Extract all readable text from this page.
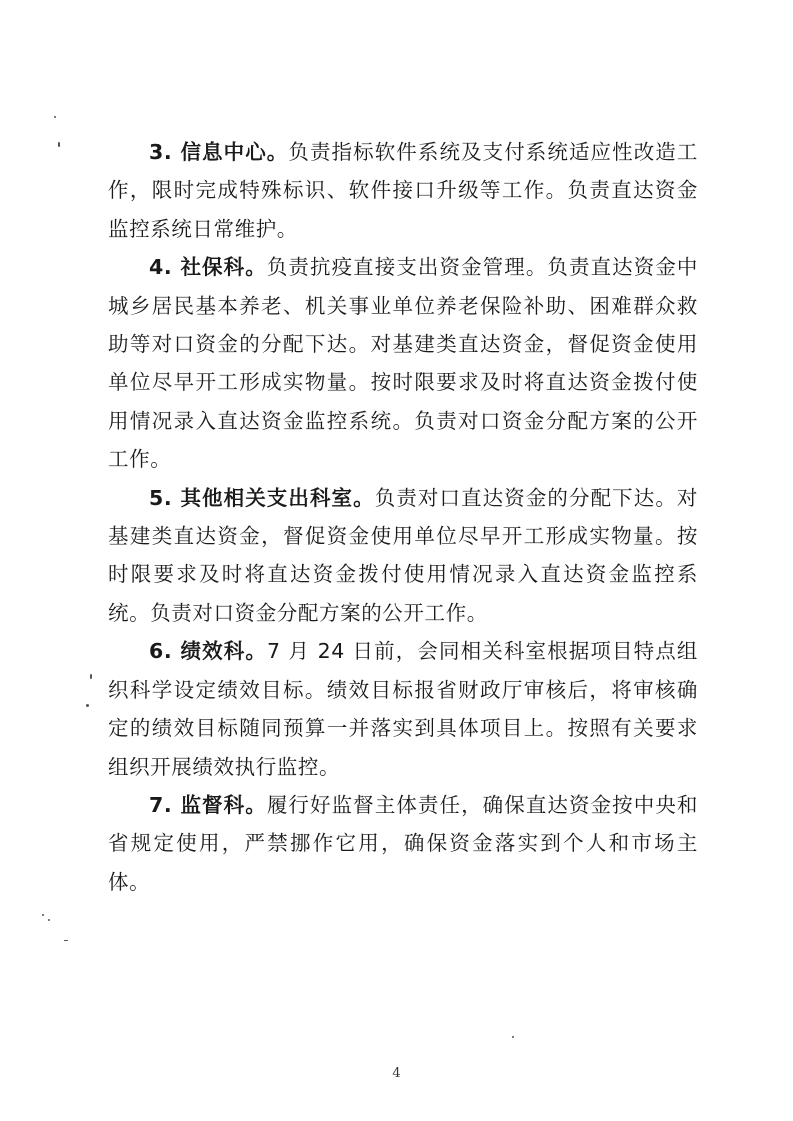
3. 信息中心。负责指标软件系统及支付系统适应性改造工作，限时完成特殊标识、软件接口升级等工作。负责直达资金监控系统日常维护。

4. 社保科。负责抗疫直接支出资金管理。负责直达资金中城乡居民基本养老、机关事业单位养老保险补助、困难群众救助等对口资金的分配下达。对基建类直达资金，督促资金使用单位尽早开工形成实物量。按时限要求及时将直达资金拨付使用情况录入直达资金监控系统。负责对口资金分配方案的公开工作。

5. 其他相关支出科室。负责对口直达资金的分配下达。对基建类直达资金，督促资金使用单位尽早开工形成实物量。按时限要求及时将直达资金拨付使用情况录入直达资金监控系统。负责对口资金分配方案的公开工作。

6. 绩效科。7 月 24 日前，会同相关科室根据项目特点组织科学设定绩效目标。绩效目标报省财政厅审核后，将审核确定的绩效目标随同预算一并落实到具体项目上。按照有关要求组织开展绩效执行监控。

7. 监督科。履行好监督主体责任，确保直达资金按中央和省规定使用，严禁挪作它用，确保资金落实到个人和市场主体。

4
